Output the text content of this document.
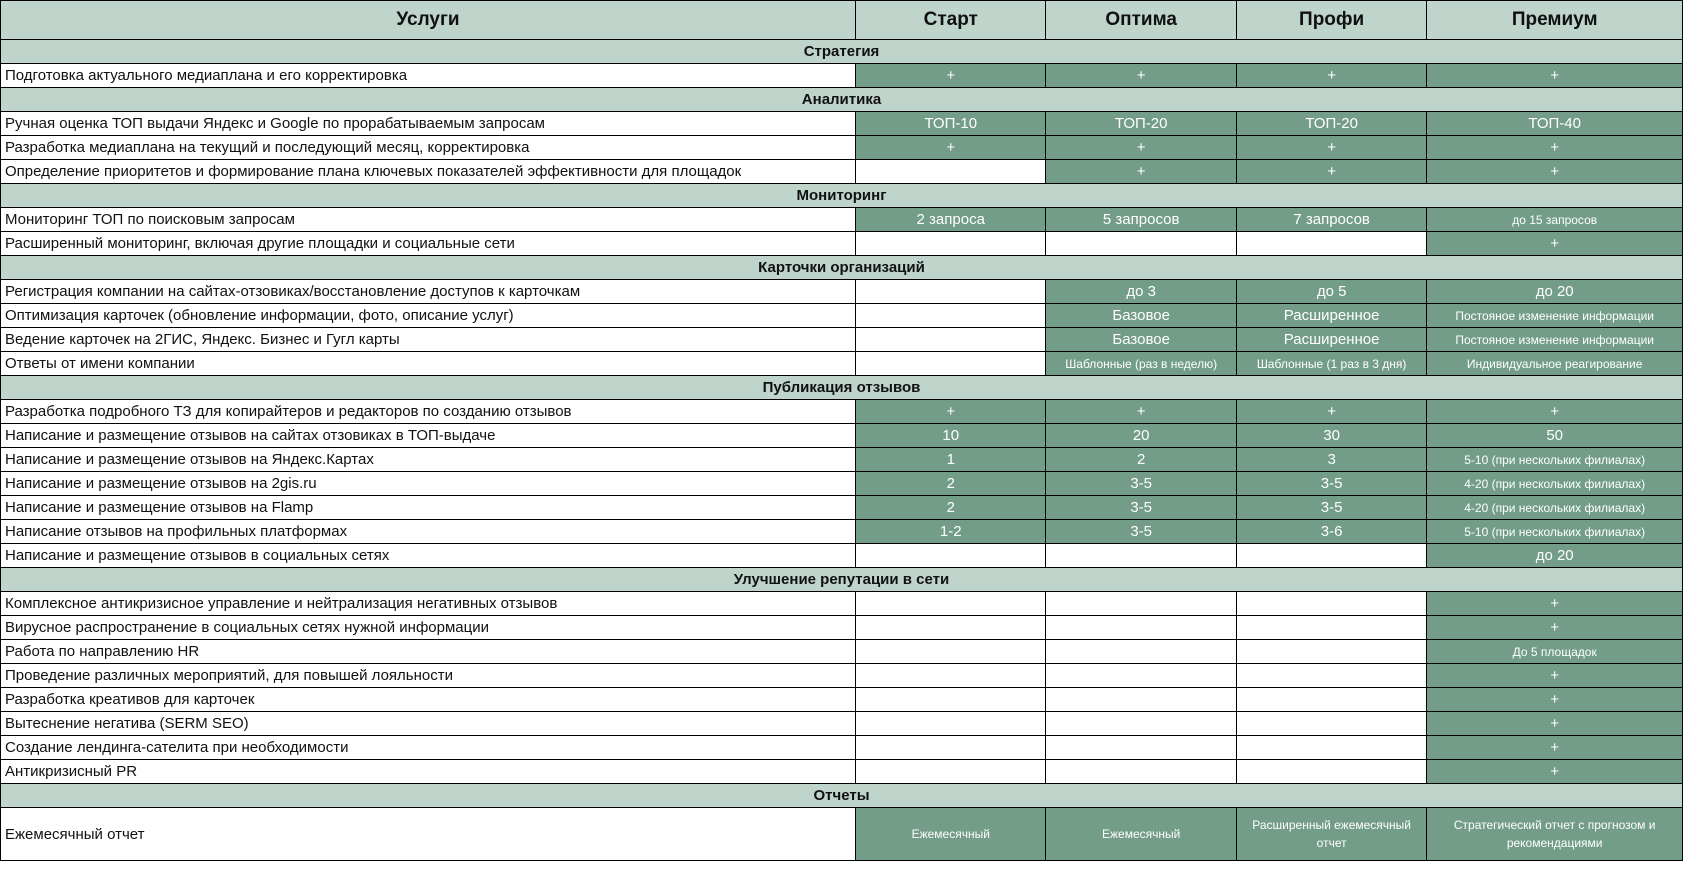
Услуги	Старт	Оптима	Профи	Премиум
Стратегия				
Подготовка актуального медиаплана и его корректировка	+	+	+	+
Аналитика				
Ручная оценка ТОП выдачи Яндекс и Google по прорабатываемым запросам	ТОП-10	ТОП-20	ТОП-20	ТОП-40
Разработка медиаплана на текущий и последующий месяц, корректировка	+	+	+	+
Определение приоритетов и формирование плана ключевых показателей эффективности для площадок		+	+	+
Мониторинг				
Мониторинг ТОП по поисковым запросам	2 запроса	5 запросов	7 запросов	до 15 запросов
Расширенный мониторинг, включая другие площадки и социальные сети				+
Карточки организаций				
Регистрация компании на сайтах-отзовиках/восстановление доступов к карточкам		до 3	до 5	до 20
Оптимизация карточек (обновление информации, фото, описание услуг)		Базовое	Расширенное	Постояное изменение информации
Ведение карточек на 2ГИС, Яндекс. Бизнес и Гугл карты		Базовое	Расширенное	Постояное изменение информации
Ответы от имени компании		Шаблонные (раз в неделю)	Шаблонные (1 раз в 3 дня)	Индивидуальное реагирование
Публикация отзывов				
Разработка подробного ТЗ для копирайтеров и редакторов по созданию отзывов	+	+	+	+
Написание и размещение отзывов на сайтах отзовиках в ТОП-выдаче	10	20	30	50
Написание и размещение отзывов на Яндекс.Картах	1	2	3	5-10 (при нескольких филиалах)
Написание и размещение отзывов на 2gis.ru	2	3-5	3-5	4-20 (при нескольких филиалах)
Написание и размещение отзывов на Flamp	2	3-5	3-5	4-20 (при нескольких филиалах)
Написание отзывов на профильных платформах	1-2	3-5	3-6	5-10 (при нескольких филиалах)
Написание и размещение отзывов в социальных сетях				до 20
Улучшение репутации в сети				
Комплексное антикризисное управление и нейтрализация негативных отзывов				+
Вирусное распространение в социальных сетях нужной информации				+
Работа по направлению HR				До 5 площадок
Проведение различных мероприятий, для повышей лояльности				+
Разработка креативов для карточек				+
Вытеснение негатива (SERM SEO)				+
Создание лендинга-сателита при необходимости				+
Антикризисный PR				+
Отчеты				
Ежемесячный отчет	Ежемесячный	Ежемесячный	Расширенный ежемесячный отчет	Стратегический отчет с прогнозом и рекомендациями
